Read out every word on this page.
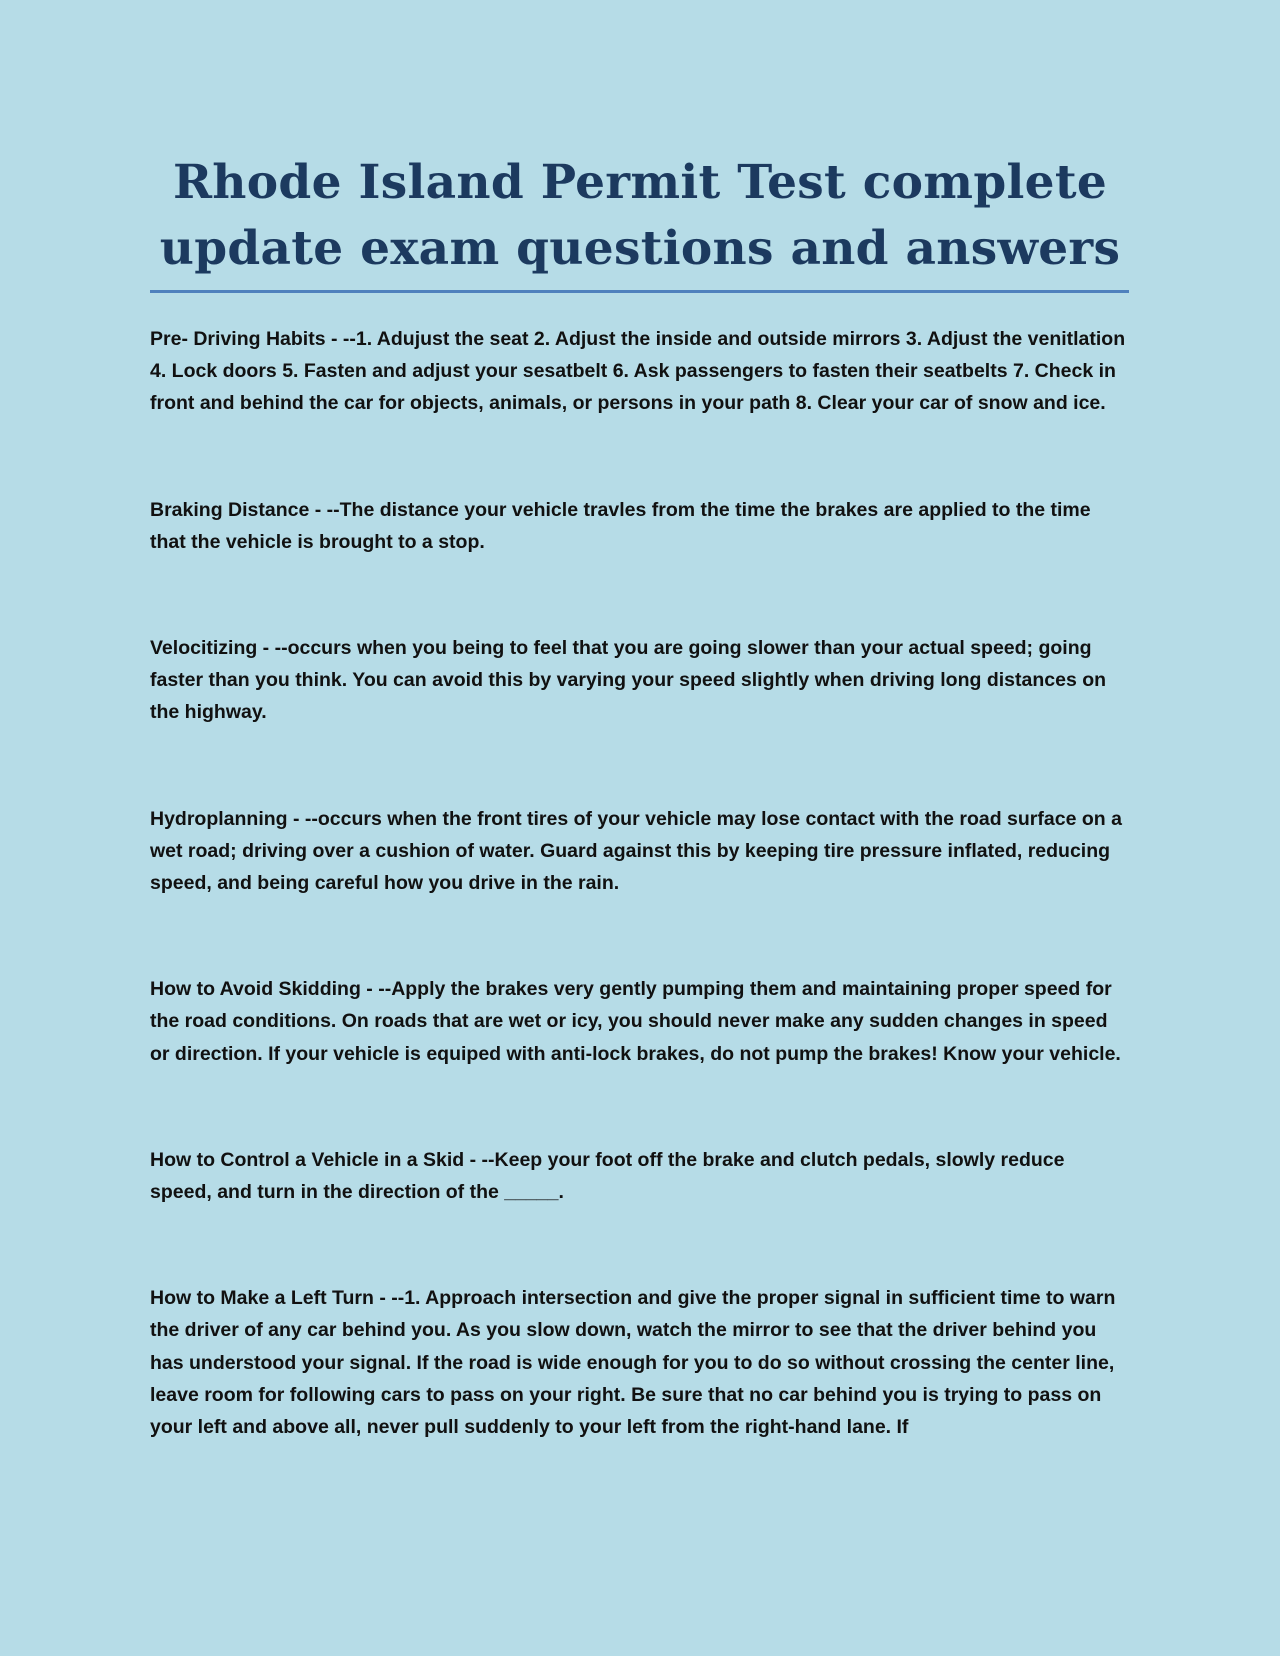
Rhode Island Permit Test complete
update exam questions and answers

Pre- Driving Habits - --1. Adujust the seat 2. Adjust the inside and outside mirrors 3. Adjust the venitlation 4. Lock doors 5. Fasten and adjust your sesatbelt 6. Ask passengers to fasten their seatbelts 7. Check in front and behind the car for objects, animals, or persons in your path 8. Clear your car of snow and ice.

Braking Distance - --The distance your vehicle travles from the time the brakes are applied to the time that the vehicle is brought to a stop.

Velocitizing - --occurs when you being to feel that you are going slower than your actual speed; going faster than you think. You can avoid this by varying your speed slightly when driving long distances on the highway.

Hydroplanning - --occurs when the front tires of your vehicle may lose contact with the road surface on a wet road; driving over a cushion of water. Guard against this by keeping tire pressure inflated, reducing speed, and being careful how you drive in the rain.

How to Avoid Skidding - --Apply the brakes very gently pumping them and maintaining proper speed for the road conditions. On roads that are wet or icy, you should never make any sudden changes in speed or direction. If your vehicle is equiped with anti-lock brakes, do not pump the brakes! Know your vehicle.

How to Control a Vehicle in a Skid - --Keep your foot off the brake and clutch pedals, slowly reduce speed, and turn in the direction of the _____.

How to Make a Left Turn - --1. Approach intersection and give the proper signal in sufficient time to warn the driver of any car behind you. As you slow down, watch the mirror to see that the driver behind you has understood your signal. If the road is wide enough for you to do so without crossing the center line, leave room for following cars to pass on your right. Be sure that no car behind you is trying to pass on your left and above all, never pull suddenly to your left from the right-hand lane. If
